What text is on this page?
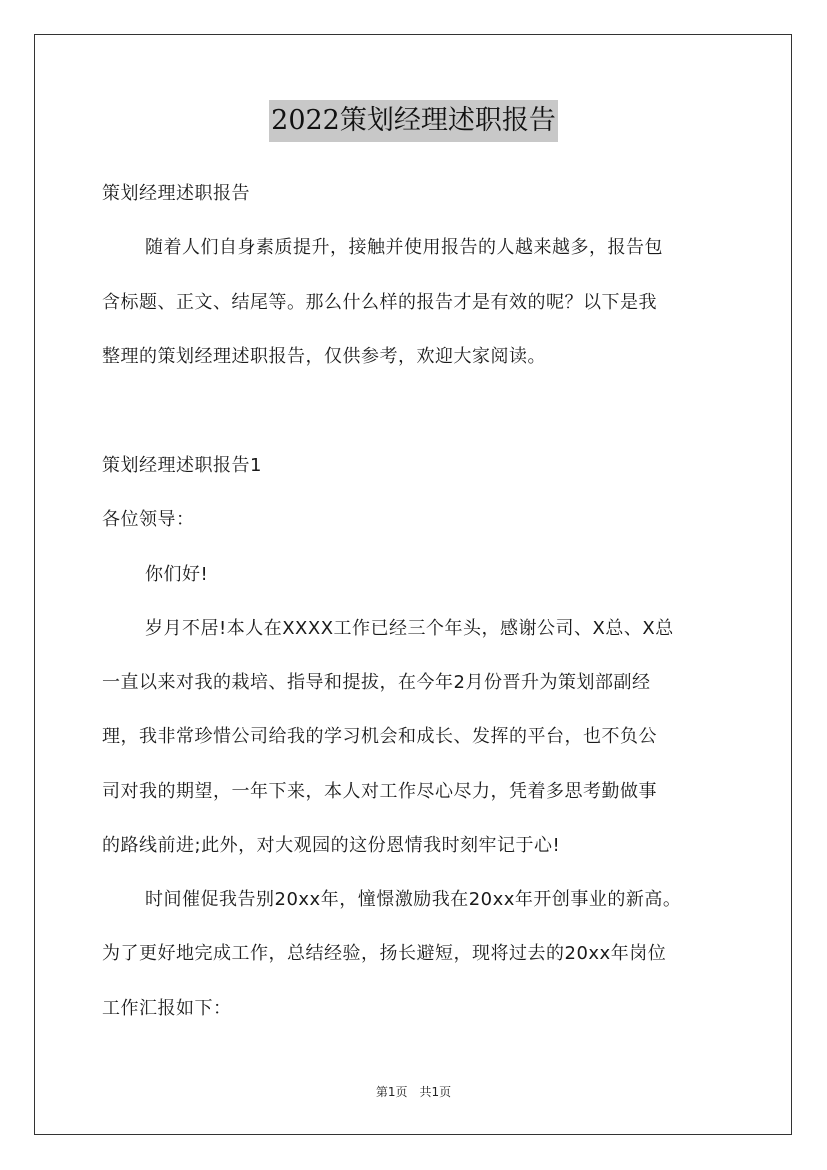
2022策划经理述职报告
策划经理述职报告
随着人们自身素质提升，接触并使用报告的人越来越多，报告包
含标题、正文、结尾等。那么什么样的报告才是有效的呢？以下是我
整理的策划经理述职报告，仅供参考，欢迎大家阅读。
策划经理述职报告1
各位领导：
你们好!
岁月不居!本人在XXXX工作已经三个年头，感谢公司、X总、X总
一直以来对我的栽培、指导和提拔，在今年2月份晋升为策划部副经
理，我非常珍惜公司给我的学习机会和成长、发挥的平台，也不负公
司对我的期望，一年下来，本人对工作尽心尽力，凭着多思考勤做事
的路线前进;此外，对大观园的这份恩情我时刻牢记于心!
时间催促我告别20xx年，憧憬激励我在20xx年开创事业的新高。
为了更好地完成工作，总结经验，扬长避短，现将过去的20xx年岗位
工作汇报如下：
第1页　共1页
